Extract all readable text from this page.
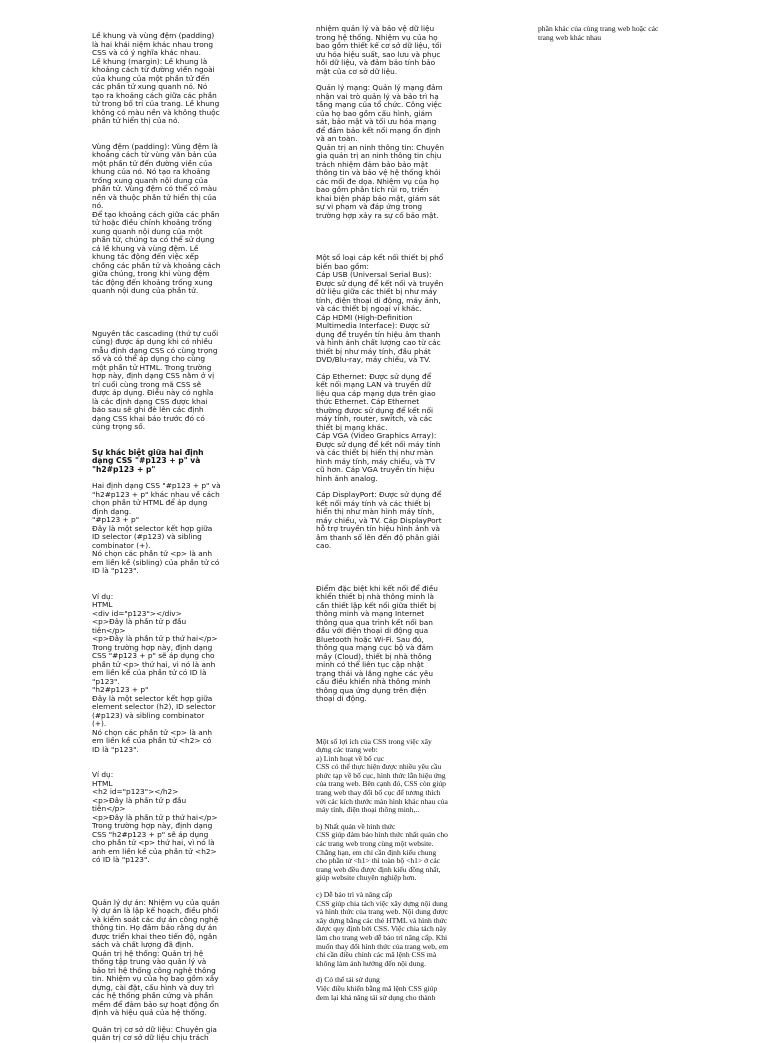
Lề khung và vùng đệm (padding)
là hai khái niệm khác nhau trong
CSS và có ý nghĩa khác nhau.
Lề khung (margin): Lề khung là
khoảng cách từ đường viền ngoài
của khung của một phần tử đến
các phần tử xung quanh nó. Nó
tạo ra khoảng cách giữa các phần
tử trong bố trí của trang. Lề khung
không có màu nền và không thuộc
phần tử hiển thị của nó.

Vùng đệm (padding): Vùng đệm là
khoảng cách từ vùng văn bản của
một phần tử đến đường viền của
khung của nó. Nó tạo ra khoảng
trống xung quanh nội dung của
phần tử. Vùng đệm có thể có màu
nền và thuộc phần tử hiển thị của
nó.
Để tạo khoảng cách giữa các phần
tử hoặc điều chỉnh khoảng trống
xung quanh nội dung của một
phần tử, chúng ta có thể sử dụng
cả lề khung và vùng đệm. Lề
khung tác động đến việc xếp
chồng các phần tử và khoảng cách
giữa chúng, trong khi vùng đệm
tác động đến khoảng trống xung
quanh nội dung của phần tử.

Nguyên tắc cascading (thứ tự cuối
cùng) được áp dụng khi có nhiều
mẫu định dạng CSS có cùng trọng
số và có thể áp dụng cho cùng
một phần tử HTML. Trong trường
hợp này, định dạng CSS nằm ở vị
trí cuối cùng trong mã CSS sẽ
được áp dụng. Điều này có nghĩa
là các định dạng CSS được khai
báo sau sẽ ghi đè lên các định
dạng CSS khai báo trước đó có
cùng trọng số.

Sự khác biệt giữa hai định
dạng CSS "#p123 + p" và
"h2#p123 + p"

Hai định dạng CSS "#p123 + p" và
"h2#p123 + p" khác nhau về cách
chọn phần tử HTML để áp dụng
định dạng.
"#p123 + p"
Đây là một selector kết hợp giữa
ID selector (#p123) và sibling
combinator (+).
Nó chọn các phần tử <p> là anh
em liền kề (sibling) của phần tử có
ID là "p123".

Ví dụ:
HTML
<div id="p123"></div>
<p>Đây là phần tử p đầu
tiên</p>
<p>Đây là phần tử p thứ hai</p>
Trong trường hợp này, định dạng
CSS "#p123 + p" sẽ áp dụng cho
phần tử <p> thứ hai, vì nó là anh
em liền kề của phần tử có ID là
"p123".
"h2#p123 + p"
Đây là một selector kết hợp giữa
element selector (h2), ID selector
(#p123) và sibling combinator
(+).
Nó chọn các phần tử <p> là anh
em liền kề của phần tử <h2> có
ID là "p123".

Ví dụ:
HTML
<h2 id="p123"></h2>
<p>Đây là phần tử p đầu
tiên</p>
<p>Đây là phần tử p thứ hai</p>
Trong trường hợp này, định dạng
CSS "h2#p123 + p" sẽ áp dụng
cho phần tử <p> thứ hai, vì nó là
anh em liền kề của phần tử <h2>
có ID là "p123".

Quản lý dự án: Nhiệm vụ của quản
lý dự án là lập kế hoạch, điều phối
và kiểm soát các dự án công nghệ
thông tin. Họ đảm bảo rằng dự án
được triển khai theo tiến độ, ngân
sách và chất lượng đã định.
Quản trị hệ thống: Quản trị hệ
thống tập trung vào quản lý và
bảo trì hệ thống công nghệ thông
tin. Nhiệm vụ của họ bao gồm xây
dựng, cài đặt, cấu hình và duy trì
các hệ thống phần cứng và phần
mềm để đảm bảo sự hoạt động ổn
định và hiệu quả của hệ thống.

Quản trị cơ sở dữ liệu: Chuyên gia
quản trị cơ sở dữ liệu chịu trách

nhiệm quản lý và bảo vệ dữ liệu
trong hệ thống. Nhiệm vụ của họ
bao gồm thiết kế cơ sở dữ liệu, tối
ưu hóa hiệu suất, sao lưu và phục
hồi dữ liệu, và đảm bảo tính bảo
mật của cơ sở dữ liệu.

Quản lý mạng: Quản lý mạng đảm
nhận vai trò quản lý và bảo trì hạ
tầng mạng của tổ chức. Công việc
của họ bao gồm cấu hình, giám
sát, bảo mật và tối ưu hóa mạng
để đảm bảo kết nối mạng ổn định
và an toàn.
Quản trị an ninh thông tin: Chuyên
gia quản trị an ninh thông tin chịu
trách nhiệm đảm bảo bảo mật
thông tin và bảo vệ hệ thống khỏi
các mối đe dọa. Nhiệm vụ của họ
bao gồm phân tích rủi ro, triển
khai biện pháp bảo mật, giám sát
sự vi phạm và đáp ứng trong
trường hợp xảy ra sự cố bảo mật.

Một số loại cáp kết nối thiết bị phổ
biến bao gồm:
Cáp USB (Universal Serial Bus):
Được sử dụng để kết nối và truyền
dữ liệu giữa các thiết bị như máy
tính, điện thoại di động, máy ảnh,
và các thiết bị ngoại vi khác.
Cáp HDMI (High-Definition
Multimedia Interface): Được sử
dụng để truyền tín hiệu âm thanh
và hình ảnh chất lượng cao từ các
thiết bị như máy tính, đầu phát
DVD/Blu-ray, máy chiếu, và TV.

Cáp Ethernet: Được sử dụng để
kết nối mạng LAN và truyền dữ
liệu qua cáp mạng dựa trên giao
thức Ethernet. Cáp Ethernet
thường được sử dụng để kết nối
máy tính, router, switch, và các
thiết bị mạng khác.
Cáp VGA (Video Graphics Array):
Được sử dụng để kết nối máy tính
và các thiết bị hiển thị như màn
hình máy tính, máy chiếu, và TV
cũ hơn. Cáp VGA truyền tín hiệu
hình ảnh analog.

Cáp DisplayPort: Được sử dụng để
kết nối máy tính và các thiết bị
hiển thị như màn hình máy tính,
máy chiếu, và TV. Cáp DisplayPort
hỗ trợ truyền tín hiệu hình ảnh và
âm thanh số lên đến độ phân giải
cao.

Điểm đặc biệt khi kết nối để điều
khiển thiết bị nhà thông minh là
cần thiết lập kết nối giữa thiết bị
thông minh và mạng Internet
thông qua qua trình kết nối ban
đầu với điện thoại di động qua
Bluetooth hoặc Wi-Fi. Sau đó,
thông qua mạng cục bộ và đám
mây (Cloud), thiết bị nhà thông
minh có thể liên tục cập nhật
trạng thái và lắng nghe các yêu
cầu điều khiển nhà thông minh
thông qua ứng dụng trên điện
thoại di động.

Một số lợi ích của CSS trong việc xây
dựng các trang web:
a) Linh hoạt về bố cục
CSS có thể thực hiện được nhiều yêu cầu
phức tạp về bố cục, hình thức lẫn hiệu ứng
của trang web. Bên cạnh đó, CSS còn giúp
trang web thay đổi bố cục để tương thích
với các kích thước màn hình khác nhau của
máy tính, điện thoại thông minh,..

b) Nhất quán về hình thức
CSS giúp đảm bảo hình thức nhất quán cho
các trang web trong cùng một website.
Chẳng hạn, em chỉ cần định kiểu chung
cho phần tử <h1> thì toàn bộ <h1> ở các
trang web đều được định kiểu đồng nhất,
giúp website chuyên nghiệp hơn.

c) Dễ bảo trì và nâng cấp
CSS giúp chia tách việc xây dựng nội dung
và hình thức của trang web. Nội dung được
xây dựng bằng các thẻ HTML và hình thức
được quy định bởi CSS. Việc chia tách này
làm cho trang web dễ bảo trì nâng cấp. Khi
muốn thay đổi hình thức của trang web, em
chỉ cần điều chỉnh các mã lệnh CSS mà
không làm ảnh hưởng đến nội dung.

d) Có thể tái sử dụng
Việc điều khiển bằng mã lệnh CSS giúp
đem lại khả năng tái sử dụng cho thành

phần khác của cùng trang web hoặc các
trang web khác nhau
